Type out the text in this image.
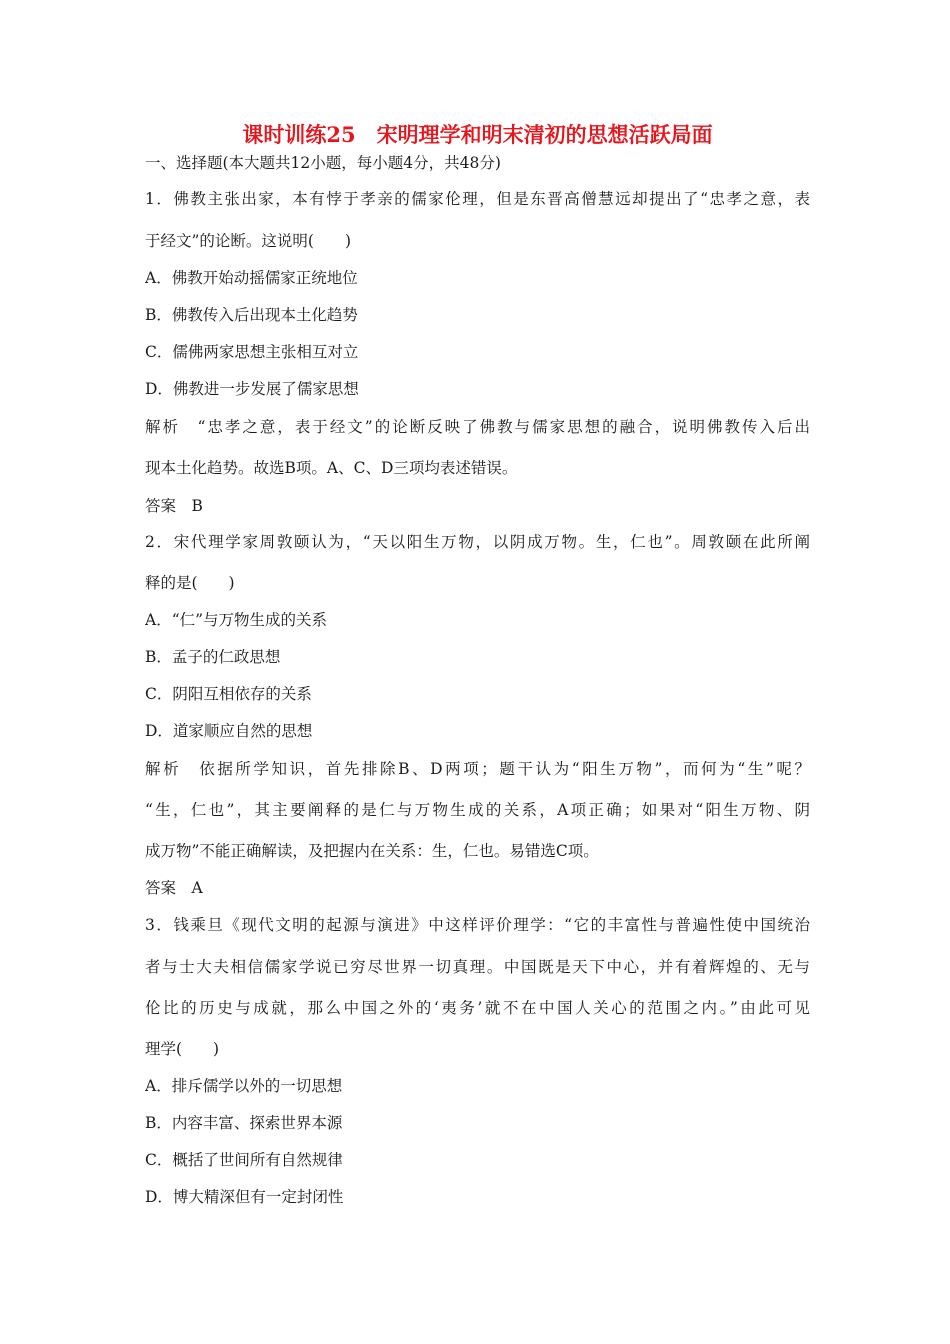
课时训练25　宋明理学和明末清初的思想活跃局面
一、选择题(本大题共12小题，每小题4分，共48分)
1．佛教主张出家，本有悖于孝亲的儒家伦理，但是东晋高僧慧远却提出了“忠孝之意，表
于经文”的论断。这说明(　　)
A．佛教开始动摇儒家正统地位
B．佛教传入后出现本土化趋势
C．儒佛两家思想主张相互对立
D．佛教进一步发展了儒家思想
解析　“忠孝之意，表于经文”的论断反映了佛教与儒家思想的融合，说明佛教传入后出
现本土化趋势。故选B项。A、C、D三项均表述错误。
答案　B
2．宋代理学家周敦颐认为，“天以阳生万物，以阴成万物。生，仁也”。周敦颐在此所阐
释的是(　　)
A．“仁”与万物生成的关系
B．孟子的仁政思想
C．阴阳互相依存的关系
D．道家顺应自然的思想
解析　依据所学知识，首先排除B、D两项；题干认为“阳生万物”，而何为“生”呢？
“生，仁也”，其主要阐释的是仁与万物生成的关系，A项正确；如果对“阳生万物、阴
成万物”不能正确解读，及把握内在关系：生，仁也。易错选C项。
答案　A
3．钱乘旦《现代文明的起源与演进》中这样评价理学：“它的丰富性与普遍性使中国统治
者与士大夫相信儒家学说已穷尽世界一切真理。中国既是天下中心，并有着辉煌的、无与
伦比的历史与成就，那么中国之外的‘夷务’就不在中国人关心的范围之内。”由此可见
理学(　　)
A．排斥儒学以外的一切思想
B．内容丰富、探索世界本源
C．概括了世间所有自然规律
D．博大精深但有一定封闭性
